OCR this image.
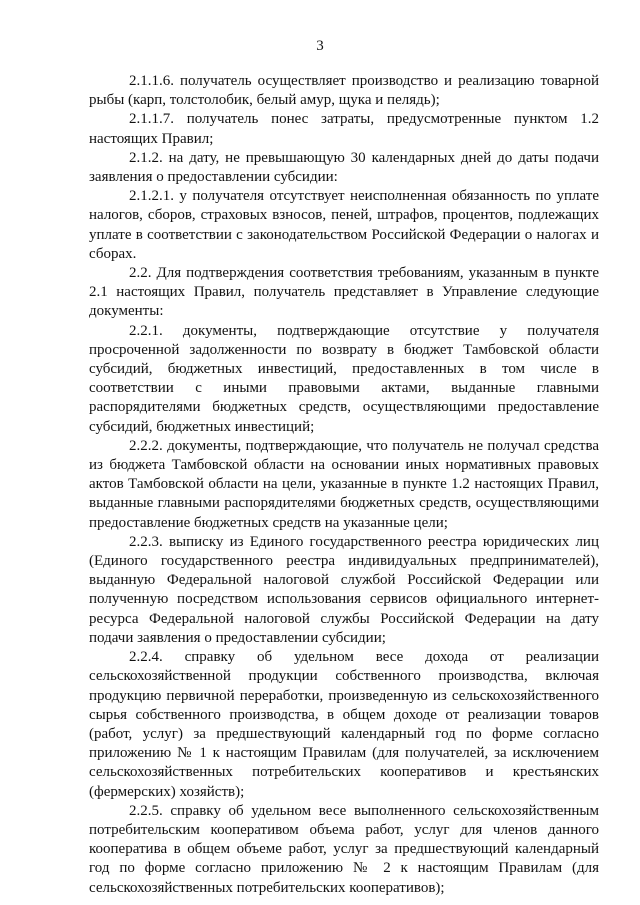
3

2.1.1.6. получатель осуществляет производство и реализацию товарной рыбы (карп, толстолобик, белый амур, щука и пелядь);

2.1.1.7. получатель понес затраты, предусмотренные пунктом 1.2 настоящих Правил;

2.1.2. на дату, не превышающую 30 календарных дней до даты подачи заявления о предоставлении субсидии:

2.1.2.1. у получателя отсутствует неисполненная обязанность по уплате налогов, сборов, страховых взносов, пеней, штрафов, процентов, подлежащих уплате в соответствии с законодательством Российской Федерации о налогах и сборах.

2.2. Для подтверждения соответствия требованиям, указанным в пункте 2.1 настоящих Правил, получатель представляет в Управление следующие документы:

2.2.1. документы, подтверждающие отсутствие у получателя просроченной задолженности по возврату в бюджет Тамбовской области субсидий, бюджетных инвестиций, предоставленных в том числе в соответствии с иными правовыми актами, выданные главными распорядителями бюджетных средств, осуществляющими предоставление субсидий, бюджетных инвестиций;

2.2.2. документы, подтверждающие, что получатель не получал средства из бюджета Тамбовской области на основании иных нормативных правовых актов Тамбовской области на цели, указанные в пункте 1.2 настоящих Правил, выданные главными распорядителями бюджетных средств, осуществляющими предоставление бюджетных средств на указанные цели;

2.2.3. выписку из Единого государственного реестра юридических лиц (Единого государственного реестра индивидуальных предпринимателей), выданную Федеральной налоговой службой Российской Федерации или полученную посредством использования сервисов официального интернет-ресурса Федеральной налоговой службы Российской Федерации на дату подачи заявления о предоставлении субсидии;

2.2.4. справку об удельном весе дохода от реализации сельскохозяйственной продукции собственного производства, включая продукцию первичной переработки, произведенную из сельскохозяйственного сырья собственного производства, в общем доходе от реализации товаров (работ, услуг) за предшествующий календарный год по форме согласно приложению № 1 к настоящим Правилам (для получателей, за исключением сельскохозяйственных потребительских кооперативов и крестьянских (фермерских) хозяйств);

2.2.5. справку об удельном весе выполненного сельскохозяйственным потребительским кооперативом объема работ, услуг для членов данного кооператива в общем объеме работ, услуг за предшествующий календарный год по форме согласно приложению № 2 к настоящим Правилам (для сельскохозяйственных потребительских кооперативов);
